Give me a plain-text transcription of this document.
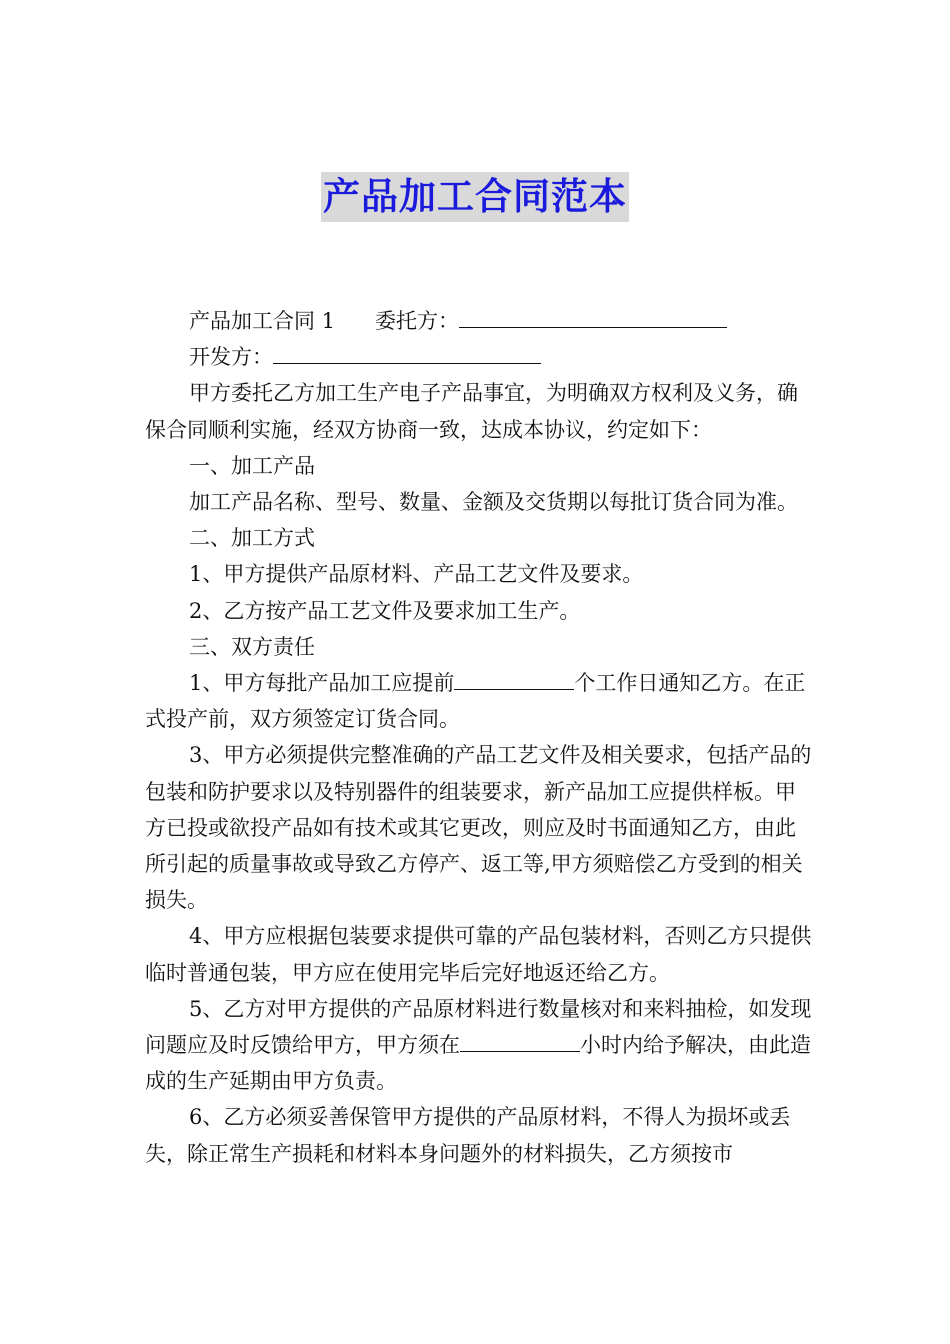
产品加工合同范本

产品加工合同 1 委托方：

开发方：

甲方委托乙方加工生产电子产品事宜，为明确双方权利及义务，确保合同顺利实施，经双方协商一致，达成本协议，约定如下：

一、加工产品

加工产品名称、型号、数量、金额及交货期以每批订货合同为准。

二、加工方式

1、甲方提供产品原材料、产品工艺文件及要求。

2、乙方按产品工艺文件及要求加工生产。

三、双方责任

1、甲方每批产品加工应提前	个工作日通知乙方。在正式投产前，双方须签定订货合同。

3、甲方必须提供完整准确的产品工艺文件及相关要求，包括产品的包装和防护要求以及特别器件的组装要求，新产品加工应提供样板。甲方已投或欲投产品如有技术或其它更改，则应及时书面通知乙方，由此所引起的质量事故或导致乙方停产、返工等,甲方须赔偿乙方受到的相关损失。

4、甲方应根据包装要求提供可靠的产品包装材料，否则乙方只提供临时普通包装，甲方应在使用完毕后完好地返还给乙方。

5、乙方对甲方提供的产品原材料进行数量核对和来料抽检，如发现问题应及时反馈给甲方，甲方须在	小时内给予解决，由此造成的生产延期由甲方负责。

6、乙方必须妥善保管甲方提供的产品原材料，不得人为损坏或丢失，除正常生产损耗和材料本身问题外的材料损失，乙方须按市
